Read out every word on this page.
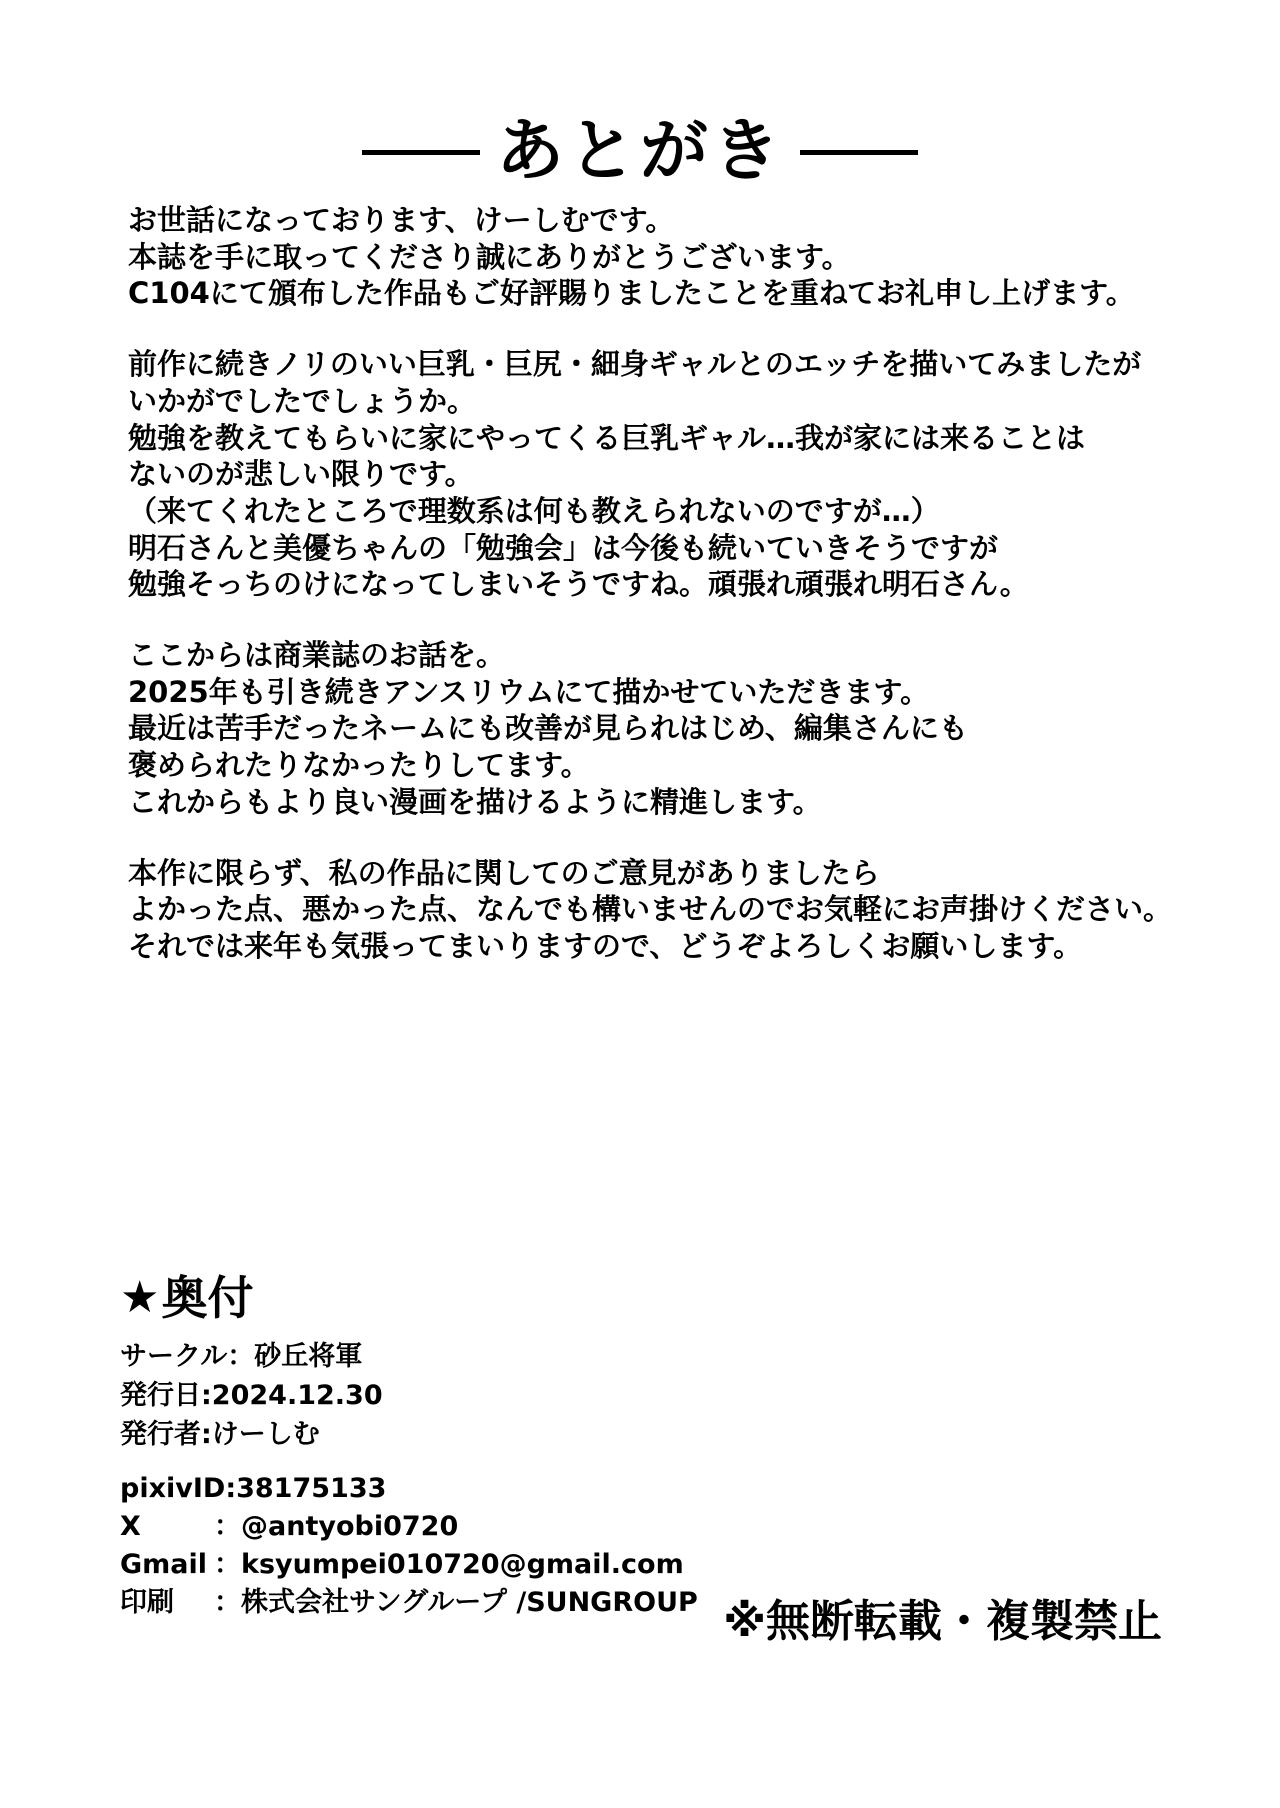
あとがき
お世話になっております、けーしむです。
本誌を手に取ってくださり誠にありがとうございます。
C104にて頒布した作品もご好評賜りましたことを重ねてお礼申し上げます。
前作に続きノリのいい巨乳・巨尻・細身ギャルとのエッチを描いてみましたが
いかがでしたでしょうか。
勉強を教えてもらいに家にやってくる巨乳ギャル…我が家には来ることは
ないのが悲しい限りです。
（来てくれたところで理数系は何も教えられないのですが…）
明石さんと美優ちゃんの「勉強会」は今後も続いていきそうですが
勉強そっちのけになってしまいそうですね。頑張れ頑張れ明石さん。
ここからは商業誌のお話を。
2025年も引き続きアンスリウムにて描かせていただきます。
最近は苦手だったネームにも改善が見られはじめ、編集さんにも
褒められたりなかったりしてます。
これからもより良い漫画を描けるように精進します。
本作に限らず、私の作品に関してのご意見がありましたら
よかった点、悪かった点、なんでも構いませんのでお気軽にお声掛けください。
それでは来年も気張ってまいりますので、どうぞよろしくお願いします。
★ 奥付
サークル：砂丘将軍
発行日:2024.12.30
発行者:けーしむ
pixivID :38175133
X	：@antyobi0720
Gmail ：ksyumpei010720@gmail.com
印刷	：株式会社サングループ /SUNGROUP ※無断転載・複製禁止
